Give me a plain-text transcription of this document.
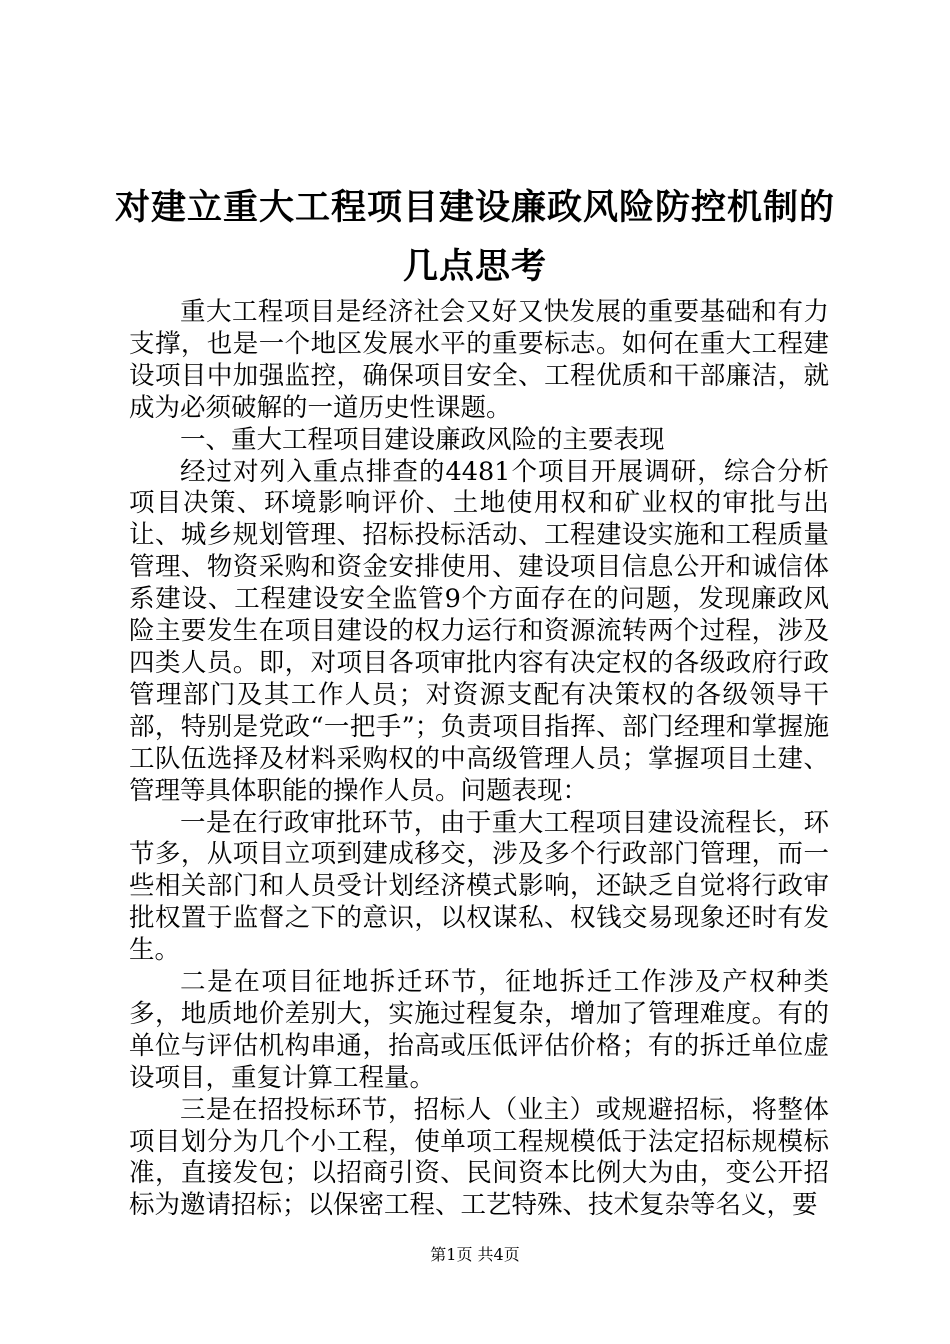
对建立重大工程项目建设廉政风险防控机制的
几点思考

重大工程项目是经济社会又好又快发展的重要基础和有力支撑，也是一个地区发展水平的重要标志。如何在重大工程建设项目中加强监控，确保项目安全、工程优质和干部廉洁，就成为必须破解的一道历史性课题。

一、重大工程项目建设廉政风险的主要表现

经过对列入重点排查的4481个项目开展调研，综合分析项目决策、环境影响评价、土地使用权和矿业权的审批与出让、城乡规划管理、招标投标活动、工程建设实施和工程质量管理、物资采购和资金安排使用、建设项目信息公开和诚信体系建设、工程建设安全监管9个方面存在的问题，发现廉政风险主要发生在项目建设的权力运行和资源流转两个过程，涉及四类人员。即，对项目各项审批内容有决定权的各级政府行政管理部门及其工作人员；对资源支配有决策权的各级领导干部，特别是党政“一把手”；负责项目指挥、部门经理和掌握施工队伍选择及材料采购权的中高级管理人员；掌握项目土建、管理等具体职能的操作人员。问题表现：

一是在行政审批环节，由于重大工程项目建设流程长，环节多，从项目立项到建成移交，涉及多个行政部门管理，而一些相关部门和人员受计划经济模式影响，还缺乏自觉将行政审批权置于监督之下的意识，以权谋私、权钱交易现象还时有发生。

二是在项目征地拆迁环节，征地拆迁工作涉及产权种类多，地质地价差别大，实施过程复杂，增加了管理难度。有的单位与评估机构串通，抬高或压低评估价格；有的拆迁单位虚设项目，重复计算工程量。

三是在招投标环节，招标人（业主）或规避招标，将整体项目划分为几个小工程，使单项工程规模低于法定招标规模标准，直接发包；以招商引资、民间资本比例大为由，变公开招标为邀请招标；以保密工程、工艺特殊、技术复杂等名义，要

第1页 共4页
